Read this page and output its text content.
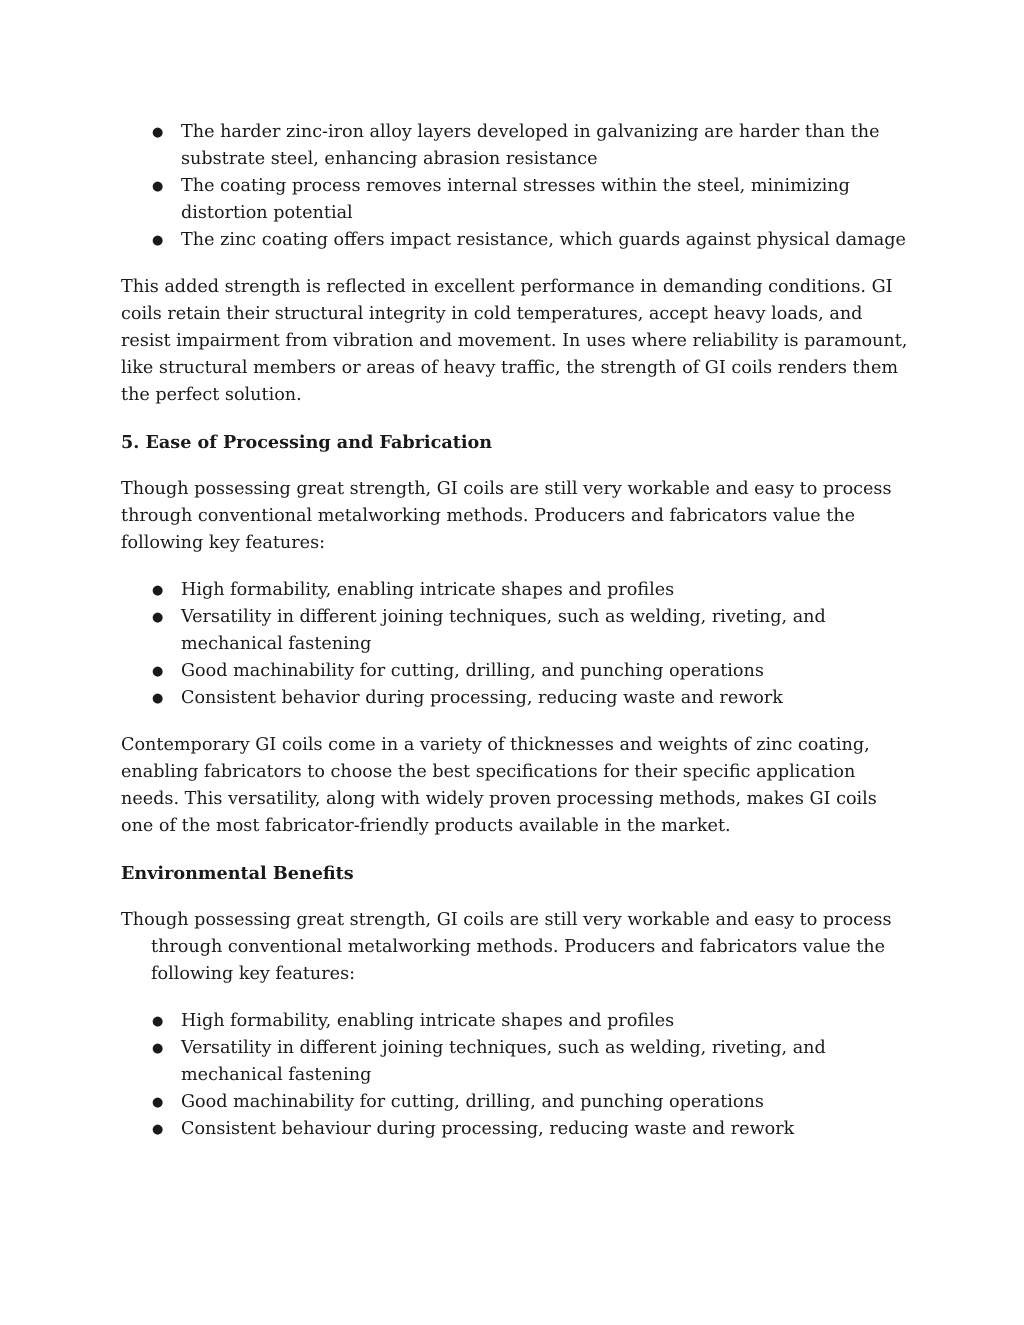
● The harder zinc-iron alloy layers developed in galvanizing are harder than the substrate steel, enhancing abrasion resistance
● The coating process removes internal stresses within the steel, minimizing distortion potential
● The zinc coating offers impact resistance, which guards against physical damage

This added strength is reflected in excellent performance in demanding conditions. GI coils retain their structural integrity in cold temperatures, accept heavy loads, and resist impairment from vibration and movement. In uses where reliability is paramount, like structural members or areas of heavy traffic, the strength of GI coils renders them the perfect solution.

5. Ease of Processing and Fabrication

Though possessing great strength, GI coils are still very workable and easy to process through conventional metalworking methods. Producers and fabricators value the following key features:

● High formability, enabling intricate shapes and profiles
● Versatility in different joining techniques, such as welding, riveting, and mechanical fastening
● Good machinability for cutting, drilling, and punching operations
● Consistent behavior during processing, reducing waste and rework

Contemporary GI coils come in a variety of thicknesses and weights of zinc coating, enabling fabricators to choose the best specifications for their specific application needs. This versatility, along with widely proven processing methods, makes GI coils one of the most fabricator-friendly products available in the market.

Environmental Benefits

Though possessing great strength, GI coils are still very workable and easy to process through conventional metalworking methods. Producers and fabricators value the following key features:

● High formability, enabling intricate shapes and profiles
● Versatility in different joining techniques, such as welding, riveting, and mechanical fastening
● Good machinability for cutting, drilling, and punching operations
● Consistent behaviour during processing, reducing waste and rework
